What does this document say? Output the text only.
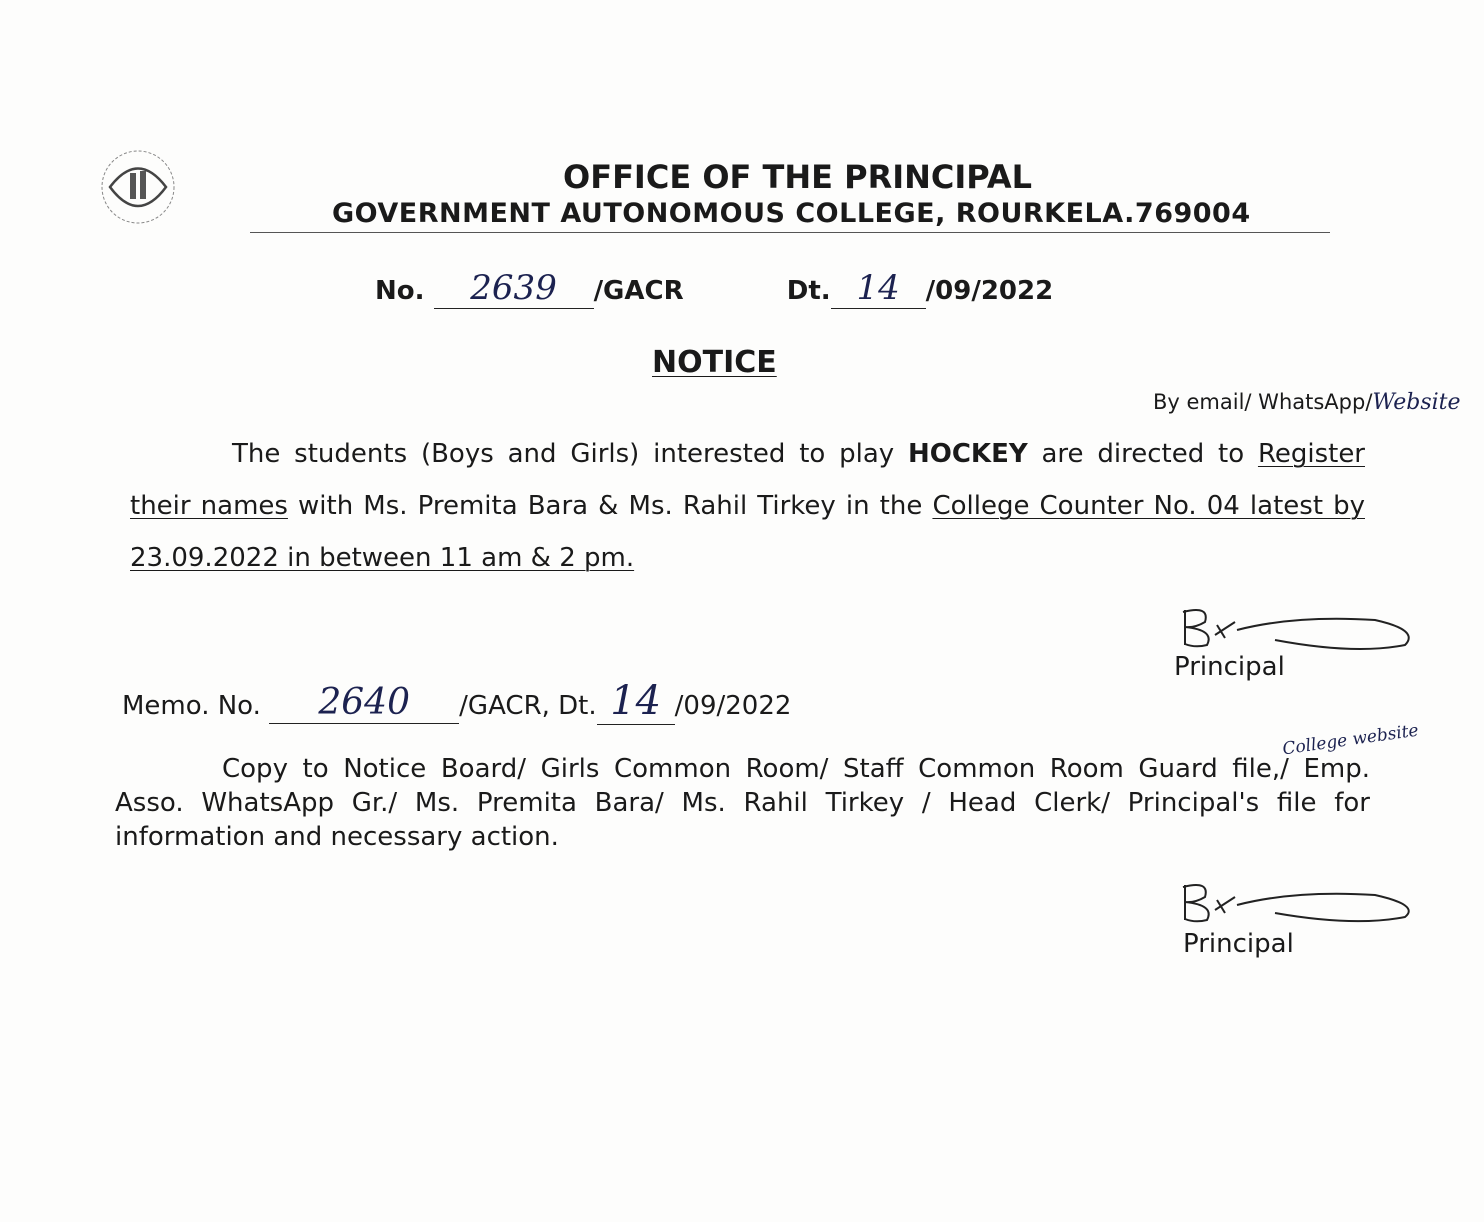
OFFICE OF THE PRINCIPAL
GOVERNMENT AUTONOMOUS COLLEGE, ROURKELA.769004
No. 2639 /GACR	Dt. 14 /09/2022
NOTICE
By email/ WhatsApp/Website
The students (Boys and Girls) interested to play HOCKEY are directed to Register
their names with Ms. Premita Bara & Ms. Rahil Tirkey in the College Counter No. 04 latest by
23.09.2022 in between 11 am & 2 pm.
Principal
Memo. No. 2640 /GACR, Dt. 14 /09/2022
College website
Copy to Notice Board/ Girls Common Room/ Staff Common Room Guard file,/ Emp.
Asso. WhatsApp Gr./ Ms. Premita Bara/ Ms. Rahil Tirkey / Head Clerk/ Principal's file for
information and necessary action.
Principal
